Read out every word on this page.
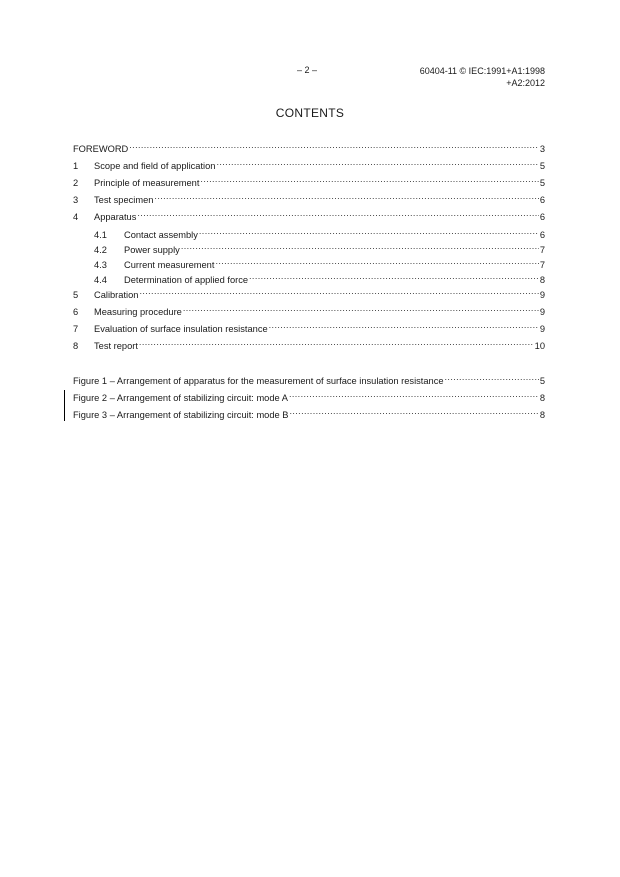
– 2 –	60404-11 © IEC:1991+A1:1998
+A2:2012
CONTENTS
FOREWORD .....	3
1	Scope and field of application .....	5
2	Principle of measurement .....	5
3	Test specimen .....	6
4	Apparatus .....	6
4.1	Contact assembly .....	6
4.2	Power supply .....	7
4.3	Current measurement .....	7
4.4	Determination of applied force .....	8
5	Calibration .....	9
6	Measuring procedure .....	9
7	Evaluation of surface insulation resistance .....	9
8	Test report .....	10
Figure 1 – Arrangement of apparatus for the measurement of surface insulation resistance .....	5
Figure 2 – Arrangement of stabilizing circuit: mode A .....	8
Figure 3 – Arrangement of stabilizing circuit: mode B .....	8
